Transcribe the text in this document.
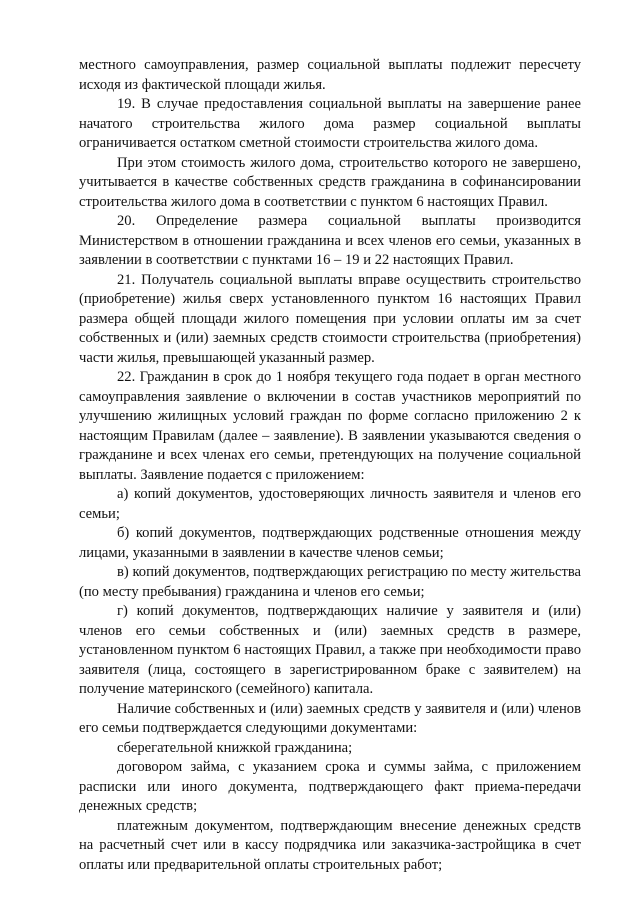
местного самоуправления, размер социальной выплаты подлежит пересчету исходя из фактической площади жилья.

19. В случае предоставления социальной выплаты на завершение ранее начатого строительства жилого дома размер социальной выплаты ограничивается остатком сметной стоимости строительства жилого дома.

При этом стоимость жилого дома, строительство которого не завершено, учитывается в качестве собственных средств гражданина в софинансировании строительства жилого дома в соответствии с пунктом 6 настоящих Правил.

20. Определение размера социальной выплаты производится Министерством в отношении гражданина и всех членов его семьи, указанных в заявлении в соответствии с пунктами 16 – 19 и 22 настоящих Правил.

21. Получатель социальной выплаты вправе осуществить строительство (приобретение) жилья сверх установленного пунктом 16 настоящих Правил размера общей площади жилого помещения при условии оплаты им за счет собственных и (или) заемных средств стоимости строительства (приобретения) части жилья, превышающей указанный размер.

22. Гражданин в срок до 1 ноября текущего года подает в орган местного самоуправления заявление о включении в состав участников мероприятий по улучшению жилищных условий граждан по форме согласно приложению 2 к настоящим Правилам (далее – заявление). В заявлении указываются сведения о гражданине и всех членах его семьи, претендующих на получение социальной выплаты. Заявление подается с приложением:

а) копий документов, удостоверяющих личность заявителя и членов его семьи;

б) копий документов, подтверждающих родственные отношения между лицами, указанными в заявлении в качестве членов семьи;

в) копий документов, подтверждающих регистрацию по месту жительства (по месту пребывания) гражданина и членов его семьи;

г) копий документов, подтверждающих наличие у заявителя и (или) членов его семьи собственных и (или) заемных средств в размере, установленном пунктом 6 настоящих Правил, а также при необходимости право заявителя (лица, состоящего в зарегистрированном браке с заявителем) на получение материнского (семейного) капитала.

Наличие собственных и (или) заемных средств у заявителя и (или) членов его семьи подтверждается следующими документами:

сберегательной книжкой гражданина;

договором займа, с указанием срока и суммы займа, с приложением расписки или иного документа, подтверждающего факт приема-передачи денежных средств;

платежным документом, подтверждающим внесение денежных средств на расчетный счет или в кассу подрядчика или заказчика-застройщика в счет оплаты или предварительной оплаты строительных работ;
